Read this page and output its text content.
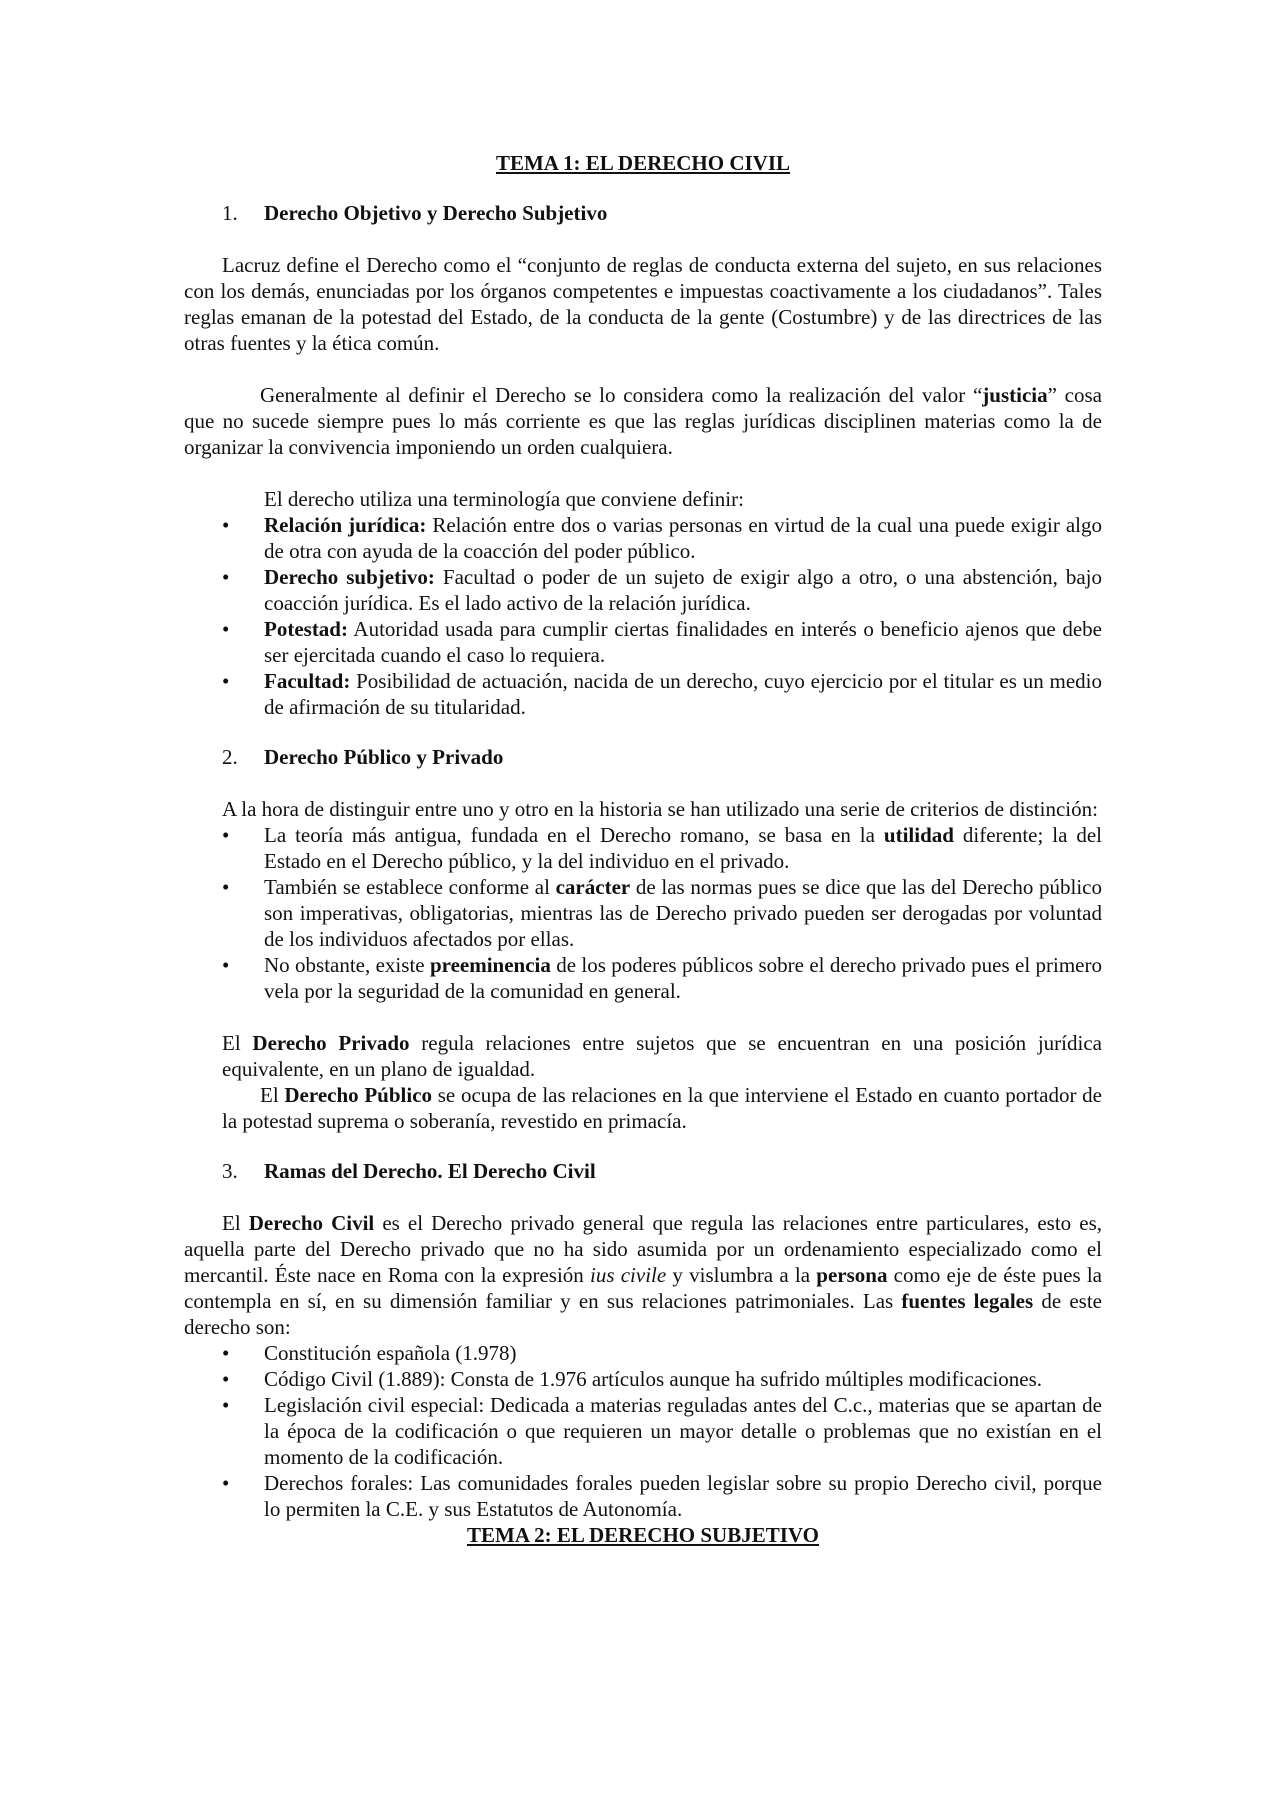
TEMA 1: EL DERECHO CIVIL
1. Derecho Objetivo y Derecho Subjetivo

Lacruz define el Derecho como el “conjunto de reglas de conducta externa del sujeto, en sus relaciones con los demás, enunciadas por los órganos competentes e impuestas coactivamente a los ciudadanos”. Tales reglas emanan de la potestad del Estado, de la conducta de la gente (Costumbre) y de las directrices de las otras fuentes y la ética común.

Generalmente al definir el Derecho se lo considera como la realización del valor “justicia” cosa que no sucede siempre pues lo más corriente es que las reglas jurídicas disciplinen materias como la de organizar la convivencia imponiendo un orden cualquiera.

El derecho utiliza una terminología que conviene definir:

• Relación jurídica: Relación entre dos o varias personas en virtud de la cual una puede exigir algo de otra con ayuda de la coacción del poder público.
• Derecho subjetivo: Facultad o poder de un sujeto de exigir algo a otro, o una abstención, bajo coacción jurídica. Es el lado activo de la relación jurídica.
• Potestad: Autoridad usada para cumplir ciertas finalidades en interés o beneficio ajenos que debe ser ejercitada cuando el caso lo requiera.
• Facultad: Posibilidad de actuación, nacida de un derecho, cuyo ejercicio por el titular es un medio de afirmación de su titularidad.
2. Derecho Público y Privado

A la hora de distinguir entre uno y otro en la historia se han utilizado una serie de criterios de distinción:

• La teoría más antigua, fundada en el Derecho romano, se basa en la utilidad diferente; la del Estado en el Derecho público, y la del individuo en el privado.
• También se establece conforme al carácter de las normas pues se dice que las del Derecho público son imperativas, obligatorias, mientras las de Derecho privado pueden ser derogadas por voluntad de los individuos afectados por ellas.
• No obstante, existe preeminencia de los poderes públicos sobre el derecho privado pues el primero vela por la seguridad de la comunidad en general.

El Derecho Privado regula relaciones entre sujetos que se encuentran en una posición jurídica equivalente, en un plano de igualdad.

El Derecho Público se ocupa de las relaciones en la que interviene el Estado en cuanto portador de la potestad suprema o soberanía, revestido en primacía.

3. Ramas del Derecho. El Derecho Civil

El Derecho Civil es el Derecho privado general que regula las relaciones entre particulares, esto es, aquella parte del Derecho privado que no ha sido asumida por un ordenamiento especializado como el mercantil. Éste nace en Roma con la expresión ius civile y vislumbra a la persona como eje de éste pues la contempla en sí, en su dimensión familiar y en sus relaciones patrimoniales. Las fuentes legales de este derecho son:

• Constitución española (1.978)
• Código Civil (1.889): Consta de 1.976 artículos aunque ha sufrido múltiples modificaciones.
• Legislación civil especial: Dedicada a materias reguladas antes del C.c., materias que se apartan de la época de la codificación o que requieren un mayor detalle o problemas que no existían en el momento de la codificación.
• Derechos forales: Las comunidades forales pueden legislar sobre su propio Derecho civil, porque lo permiten la C.E. y sus Estatutos de Autonomía.
TEMA 2: EL DERECHO SUBJETIVO
